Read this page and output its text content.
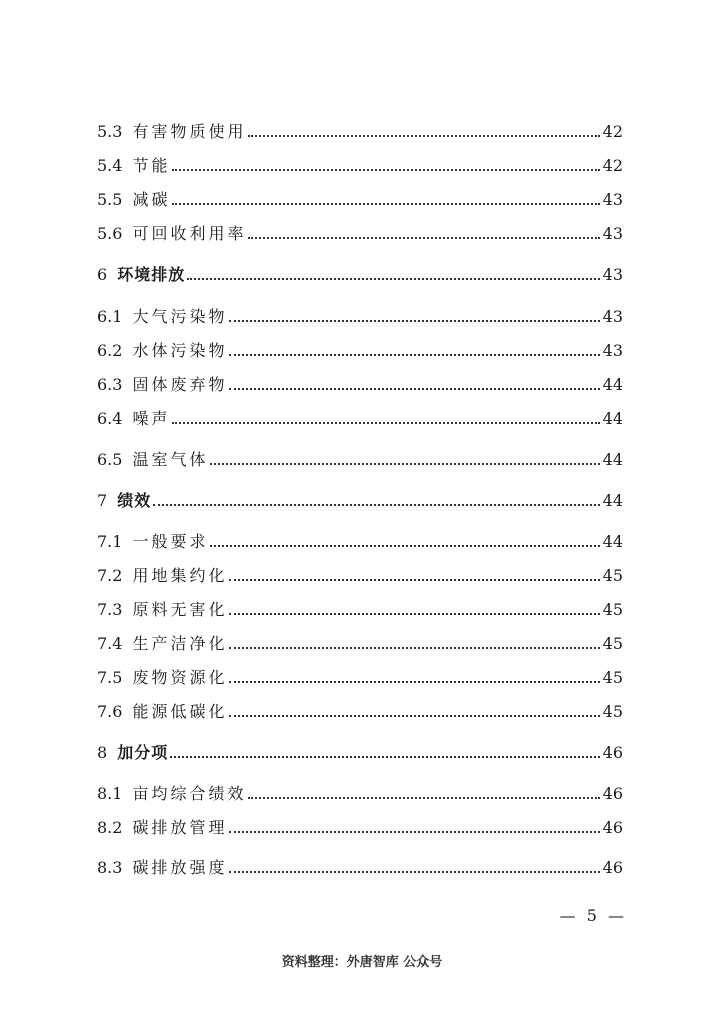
5.3 有害物质使用	42
5.4 节能	42
5.5 减碳	43
5.6 可回收利用率	43
6 环境排放	43
6.1 大气污染物	43
6.2 水体污染物	43
6.3 固体废弃物	44
6.4 噪声	44
6.5 温室气体	44
7 绩效	44
7.1 一般要求	44
7.2 用地集约化	45
7.3 原料无害化	45
7.4 生产洁净化	45
7.5 废物资源化	45
7.6 能源低碳化	45
8 加分项	46
8.1 亩均综合绩效	46
8.2 碳排放管理	46
8.3 碳排放强度	46
— 5 —
资料整理：外唐智库 公众号
